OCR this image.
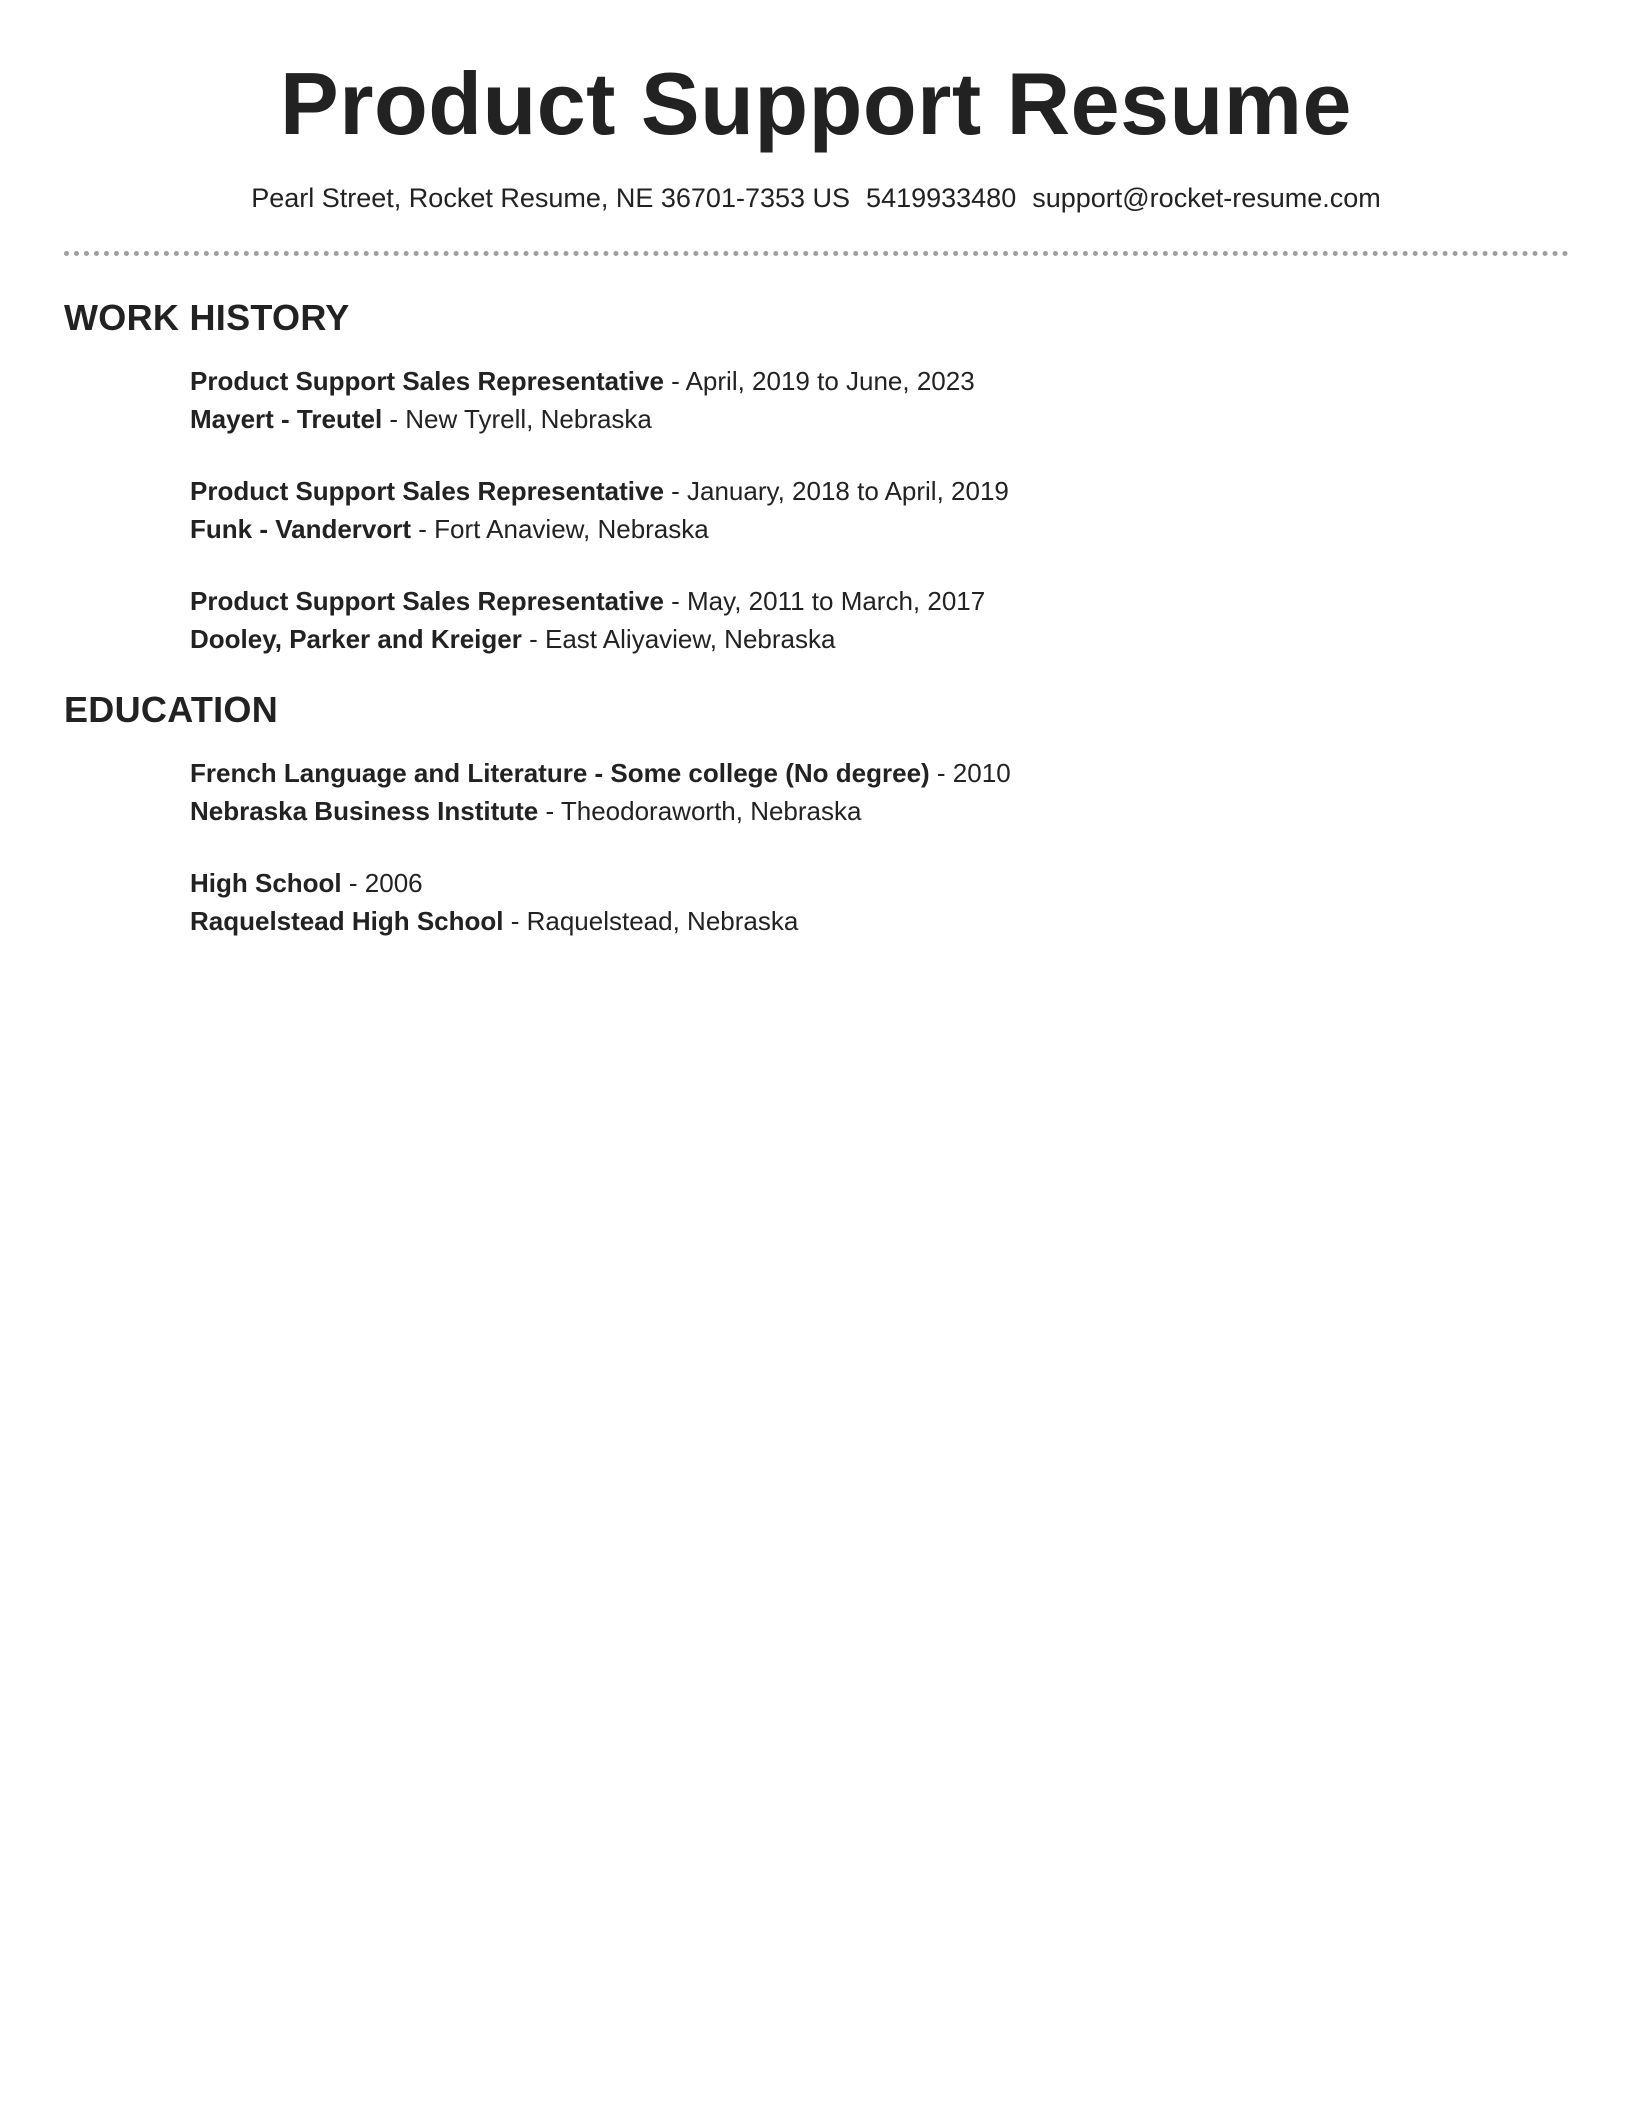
Product Support Resume
Pearl Street, Rocket Resume, NE 36701-7353 US 5419933480 support@rocket-resume.com
WORK HISTORY
Product Support Sales Representative - April, 2019 to June, 2023
Mayert - Treutel - New Tyrell, Nebraska
Product Support Sales Representative - January, 2018 to April, 2019
Funk - Vandervort - Fort Anaview, Nebraska
Product Support Sales Representative - May, 2011 to March, 2017
Dooley, Parker and Kreiger - East Aliyaview, Nebraska
EDUCATION
French Language and Literature - Some college (No degree) - 2010
Nebraska Business Institute - Theodoraworth, Nebraska
High School - 2006
Raquelstead High School - Raquelstead, Nebraska
